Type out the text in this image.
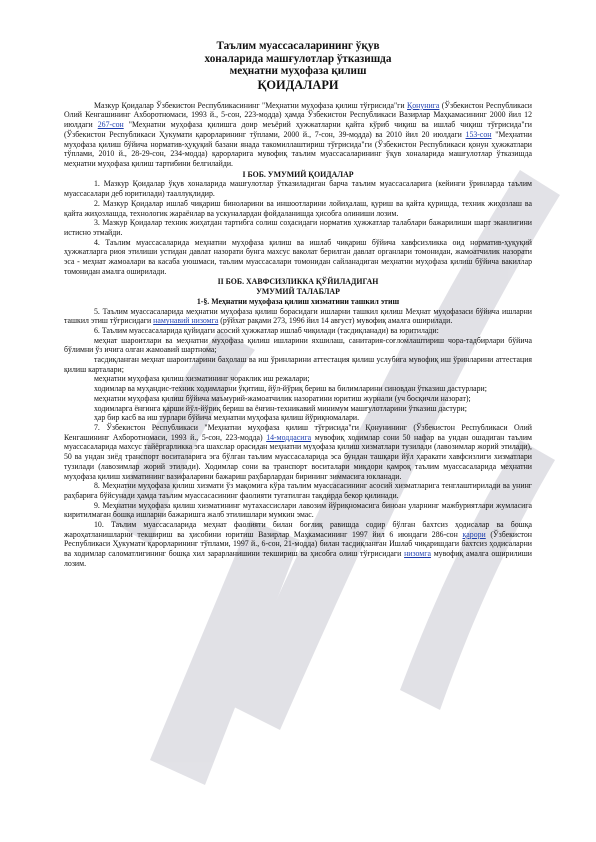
Таълим муассасаларининг ўқув
хоналарида машғулотлар ўтказишда
меҳнатни муҳофаза қилиш
ҚОИДАЛАРИ

Мазкур Қоидалар Ўзбекистон Республикасининг "Меҳнатни муҳофаза қилиш тўғрисида"ги Қонунига (Ўзбекистон Республикаси Олий Кенгашининг Ахборотномаси, 1993 й., 5-сон, 223-модда) ҳамда Ўзбекистон Республикаси Вазирлар Маҳкамасининг 2000 йил 12 июлдаги 267-сон "Меҳнатни муҳофаза қилишга доир меъёрий ҳужжатларни қайта кўриб чиқиш ва ишлаб чиқиш тўғрисида"ги (Ўзбекистон Республикаси Ҳукумати қарорларининг тўплами, 2000 й., 7-сон, 39-модда) ва 2010 йил 20 июлдаги 153-сон "Меҳнатни муҳофаза қилиш бўйича норматив-ҳуқуқий базани янада такомиллаштириш тўғрисида"ги (Ўзбекистон Республикаси қонун ҳужжатлари тўплами, 2010 й., 28-29-сон, 234-модда) қарорларига мувофиқ таълим муассасаларининг ўқув хоналарида машғулотлар ўтказишда меҳнатни муҳофаза қилиш тартибини белгилайди.

I БОБ. УМУМИЙ ҚОИДАЛАР

1. Мазкур Қоидалар ўқув хоналарида машғулотлар ўтказиладиган барча таълим муассасаларига (кейинги ўринларда таълим муассасалари деб юритилади) тааллуқлидир.

2. Мазкур Қоидалар ишлаб чиқариш биноларини ва иншоотларини лойиҳалаш, қуриш ва қайта қуришда, техник жиҳозлаш ва қайта жиҳозлашда, технологик жараёнлар ва ускуналардан фойдаланишда ҳисобга олиниши лозим.

3. Мазкур Қоидалар техник жиҳатдан тартибга солиш соҳасидаги норматив ҳужжатлар талаблари бажарилиши шарт эканлигини истисно этмайди.

4. Таълим муассасаларида меҳнатни муҳофаза қилиш ва ишлаб чиқариш бўйича хавфсизликка оид норматив-ҳуқуқий ҳужжатларга риоя этилиши устидан давлат назорати бунга махсус ваколат берилган давлат органлари томонидан, жамоатчилик назорати эса - меҳнат жамоалари ва касаба уюшмаси, таълим муассасалари томонидан сайланадиган меҳнатни муҳофаза қилиш бўйича вакиллар томонидан амалга оширилади.

II БОБ. ХАВФСИЗЛИККА ҚЎЙИЛАДИГАН

УМУМИЙ ТАЛАБЛАР

1-§. Меҳнатни муҳофаза қилиш хизматини ташкил этиш

5. Таълим муассасаларида меҳнатни муҳофаза қилиш борасидаги ишларни ташкил қилиш Меҳнат муҳофазаси бўйича ишларни ташкил этиш тўғрисидаги намунавий низомга (рўйхат рақами 273, 1996 йил 14 август) мувофиқ амалга оширилади.

6. Таълим муассасаларида қуйидаги асосий ҳужжатлар ишлаб чиқилади (тасдиқланади) ва юритилади:

меҳнат шароитлари ва меҳнатни муҳофаза қилиш ишларини яхшилаш, санитария-соғломлаштириш чора-тадбирлари бўйича бўлимни ўз ичига олган жамоавий шартнома;

тасдиқланган меҳнат шароитларини баҳолаш ва иш ўринларини аттестация қилиш услубига мувофиқ иш ўринларини аттестация қилиш карталари;

меҳнатни муҳофаза қилиш хизматининг чораклик иш режалари;

ходимлар ва муҳандис-техник ходимларни ўқитиш, йўл-йўриқ бериш ва билимларини синовдан ўтказиш дастурлари;

меҳнатни муҳофаза қилиш бўйича маъмурий-жамоатчилик назоратини юритиш журнали (уч босқичли назорат);

ходимларга ёнғинга қарши йўл-йўриқ бериш ва ёнғин-техникавий минимум машғулотларини ўтказиш дастури;

ҳар бир касб ва иш турлари бўйича меҳнатни муҳофаза қилиш йўриқномалари.

7. Ўзбекистон Республикаси "Меҳнатни муҳофаза қилиш тўғрисида"ги Қонунининг (Ўзбекистон Республикаси Олий Кенгашининг Ахборотномаси, 1993 й., 5-сон, 223-модда) 14-моддасига мувофиқ ходимлар сони 50 нафар ва ундан ошадиган таълим муассасаларида махсус тайёргарликка эга шахслар орасидан меҳнатни муҳофаза қилиш хизматлари тузилади (лавозимлар жорий этилади), 50 ва ундан зиёд транспорт воситаларига эга бўлган таълим муассасаларида эса бундан ташқари йўл ҳаракати хавфсизлиги хизматлари тузилади (лавозимлар жорий этилади). Ходимлар сони ва транспорт воситалари миқдори қамроқ таълим муассасаларида меҳнатни муҳофаза қилиш хизматининг вазифаларини бажариш раҳбарлардан бирининг зиммасига юкланади.

8. Меҳнатни муҳофаза қилиш хизмати ўз мақомига кўра таълим муассасасининг асосий хизматларига тенглаштирилади ва унинг раҳбарига бўйсунади ҳамда таълим муассасасининг фаолияти тугатилган тақдирда бекор қилинади.

9. Меҳнатни муҳофаза қилиш хизматининг мутахассислари лавозим йўриқномасига биноан уларнинг мажбуриятлари жумласига киритилмаган бошқа ишларни бажаришга жалб этилишлари мумкин эмас.

10. Таълим муассасаларида меҳнат фаолияти билан боғлиқ равишда содир бўлган бахтсиз ҳодисалар ва бошқа жароҳатланишларни текшириш ва ҳисобини юритиш Вазирлар Маҳкамасининг 1997 йил 6 июндаги 286-сон қарори (Ўзбекистон Республикаси Ҳукумати қарорларининг тўплами, 1997 й., 6-сон, 21-модда) билан тасдиқланган Ишлаб чиқаришдаги бахтсиз ҳодисаларни ва ходимлар саломатлигининг бошқа хил зарарланишини текшириш ва ҳисобга олиш тўғрисидаги низомга мувофиқ амалга оширилиши лозим.
